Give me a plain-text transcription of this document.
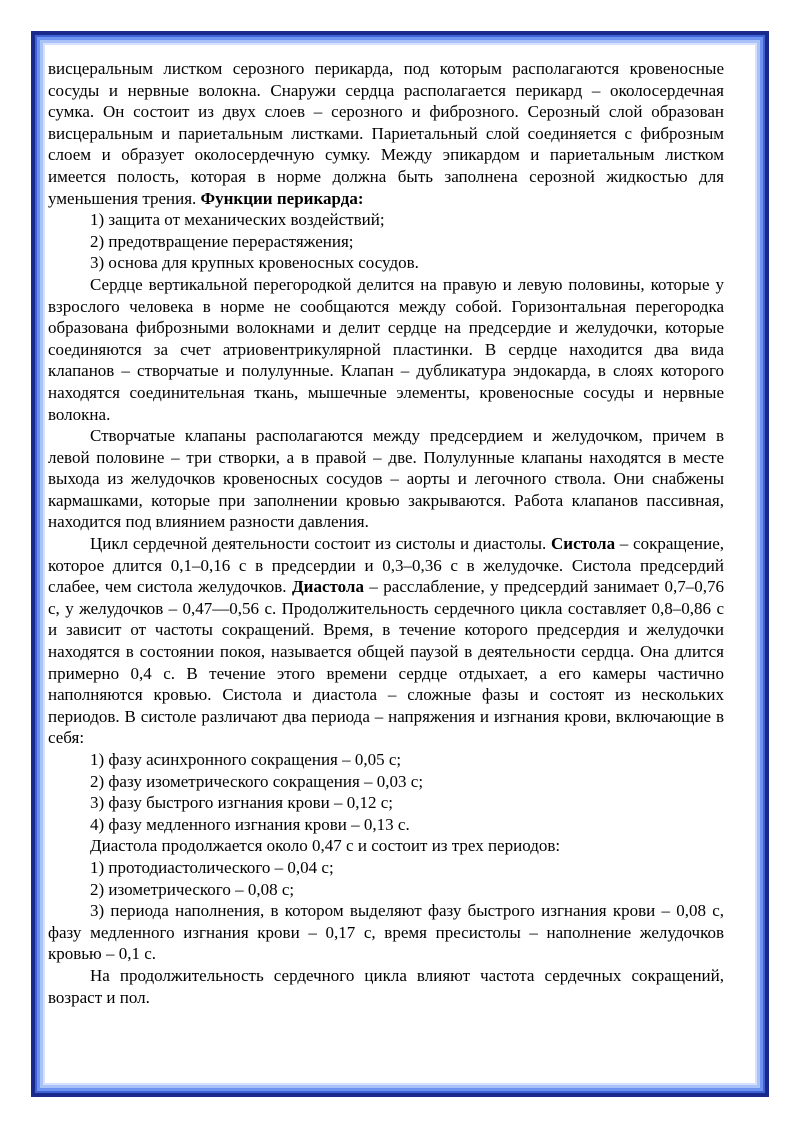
висцеральным листком серозного перикарда, под которым располагаются кровеносные сосуды и нервные волокна. Снаружи сердца располагается перикард – околосердечная сумка. Он состоит из двух слоев – серозного и фиброзного. Серозный слой образован висцеральным и париетальным листками. Париетальный слой соединяется с фиброзным слоем и образует околосердечную сумку. Между эпикардом и париетальным листком имеется полость, которая в норме должна быть заполнена серозной жидкостью для уменьшения трения. Функции перикарда:

1) защита от механических воздействий;

2) предотвращение перерастяжения;

3) основа для крупных кровеносных сосудов.

Сердце вертикальной перегородкой делится на правую и левую половины, которые у взрослого человека в норме не сообщаются между собой. Горизонтальная перегородка образована фиброзными волокнами и делит сердце на предсердие и желудочки, которые соединяются за счет атриовентрикулярной пластинки. В сердце находится два вида клапанов – створчатые и полулунные. Клапан – дубликатура эндокарда, в слоях которого находятся соединительная ткань, мышечные элементы, кровеносные сосуды и нервные волокна.

Створчатые клапаны располагаются между предсердием и желудочком, причем в левой половине – три створки, а в правой – две. Полулунные клапаны находятся в месте выхода из желудочков кровеносных сосудов – аорты и легочного ствола. Они снабжены кармашками, которые при заполнении кровью закрываются. Работа клапанов пассивная, находится под влиянием разности давления.

Цикл сердечной деятельности состоит из систолы и диастолы. Систола – сокращение, которое длится 0,1–0,16 с в предсердии и 0,3–0,36 с в желудочке. Систола предсердий слабее, чем систола желудочков. Диастола – расслабление, у предсердий занимает 0,7–0,76 с, у желудочков – 0,47––0,56 с. Продолжительность сердечного цикла составляет 0,8–0,86 с и зависит от частоты сокращений. Время, в течение которого предсердия и желудочки находятся в состоянии покоя, называется общей паузой в деятельности сердца. Она длится примерно 0,4 с. В течение этого времени сердце отдыхает, а его камеры частично наполняются кровью. Систола и диастола – сложные фазы и состоят из нескольких периодов. В систоле различают два периода – напряжения и изгнания крови, включающие в себя:

1) фазу асинхронного сокращения – 0,05 с;

2) фазу изометрического сокращения – 0,03 с;

3) фазу быстрого изгнания крови – 0,12 с;

4) фазу медленного изгнания крови – 0,13 с.

Диастола продолжается около 0,47 с и состоит из трех периодов:

1) протодиастолического – 0,04 с;

2) изометрического – 0,08 с;

3) периода наполнения, в котором выделяют фазу быстрого изгнания крови – 0,08 с, фазу медленного изгнания крови – 0,17 с, время пресистолы – наполнение желудочков кровью – 0,1 с.

На продолжительность сердечного цикла влияют частота сердечных сокращений, возраст и пол.
